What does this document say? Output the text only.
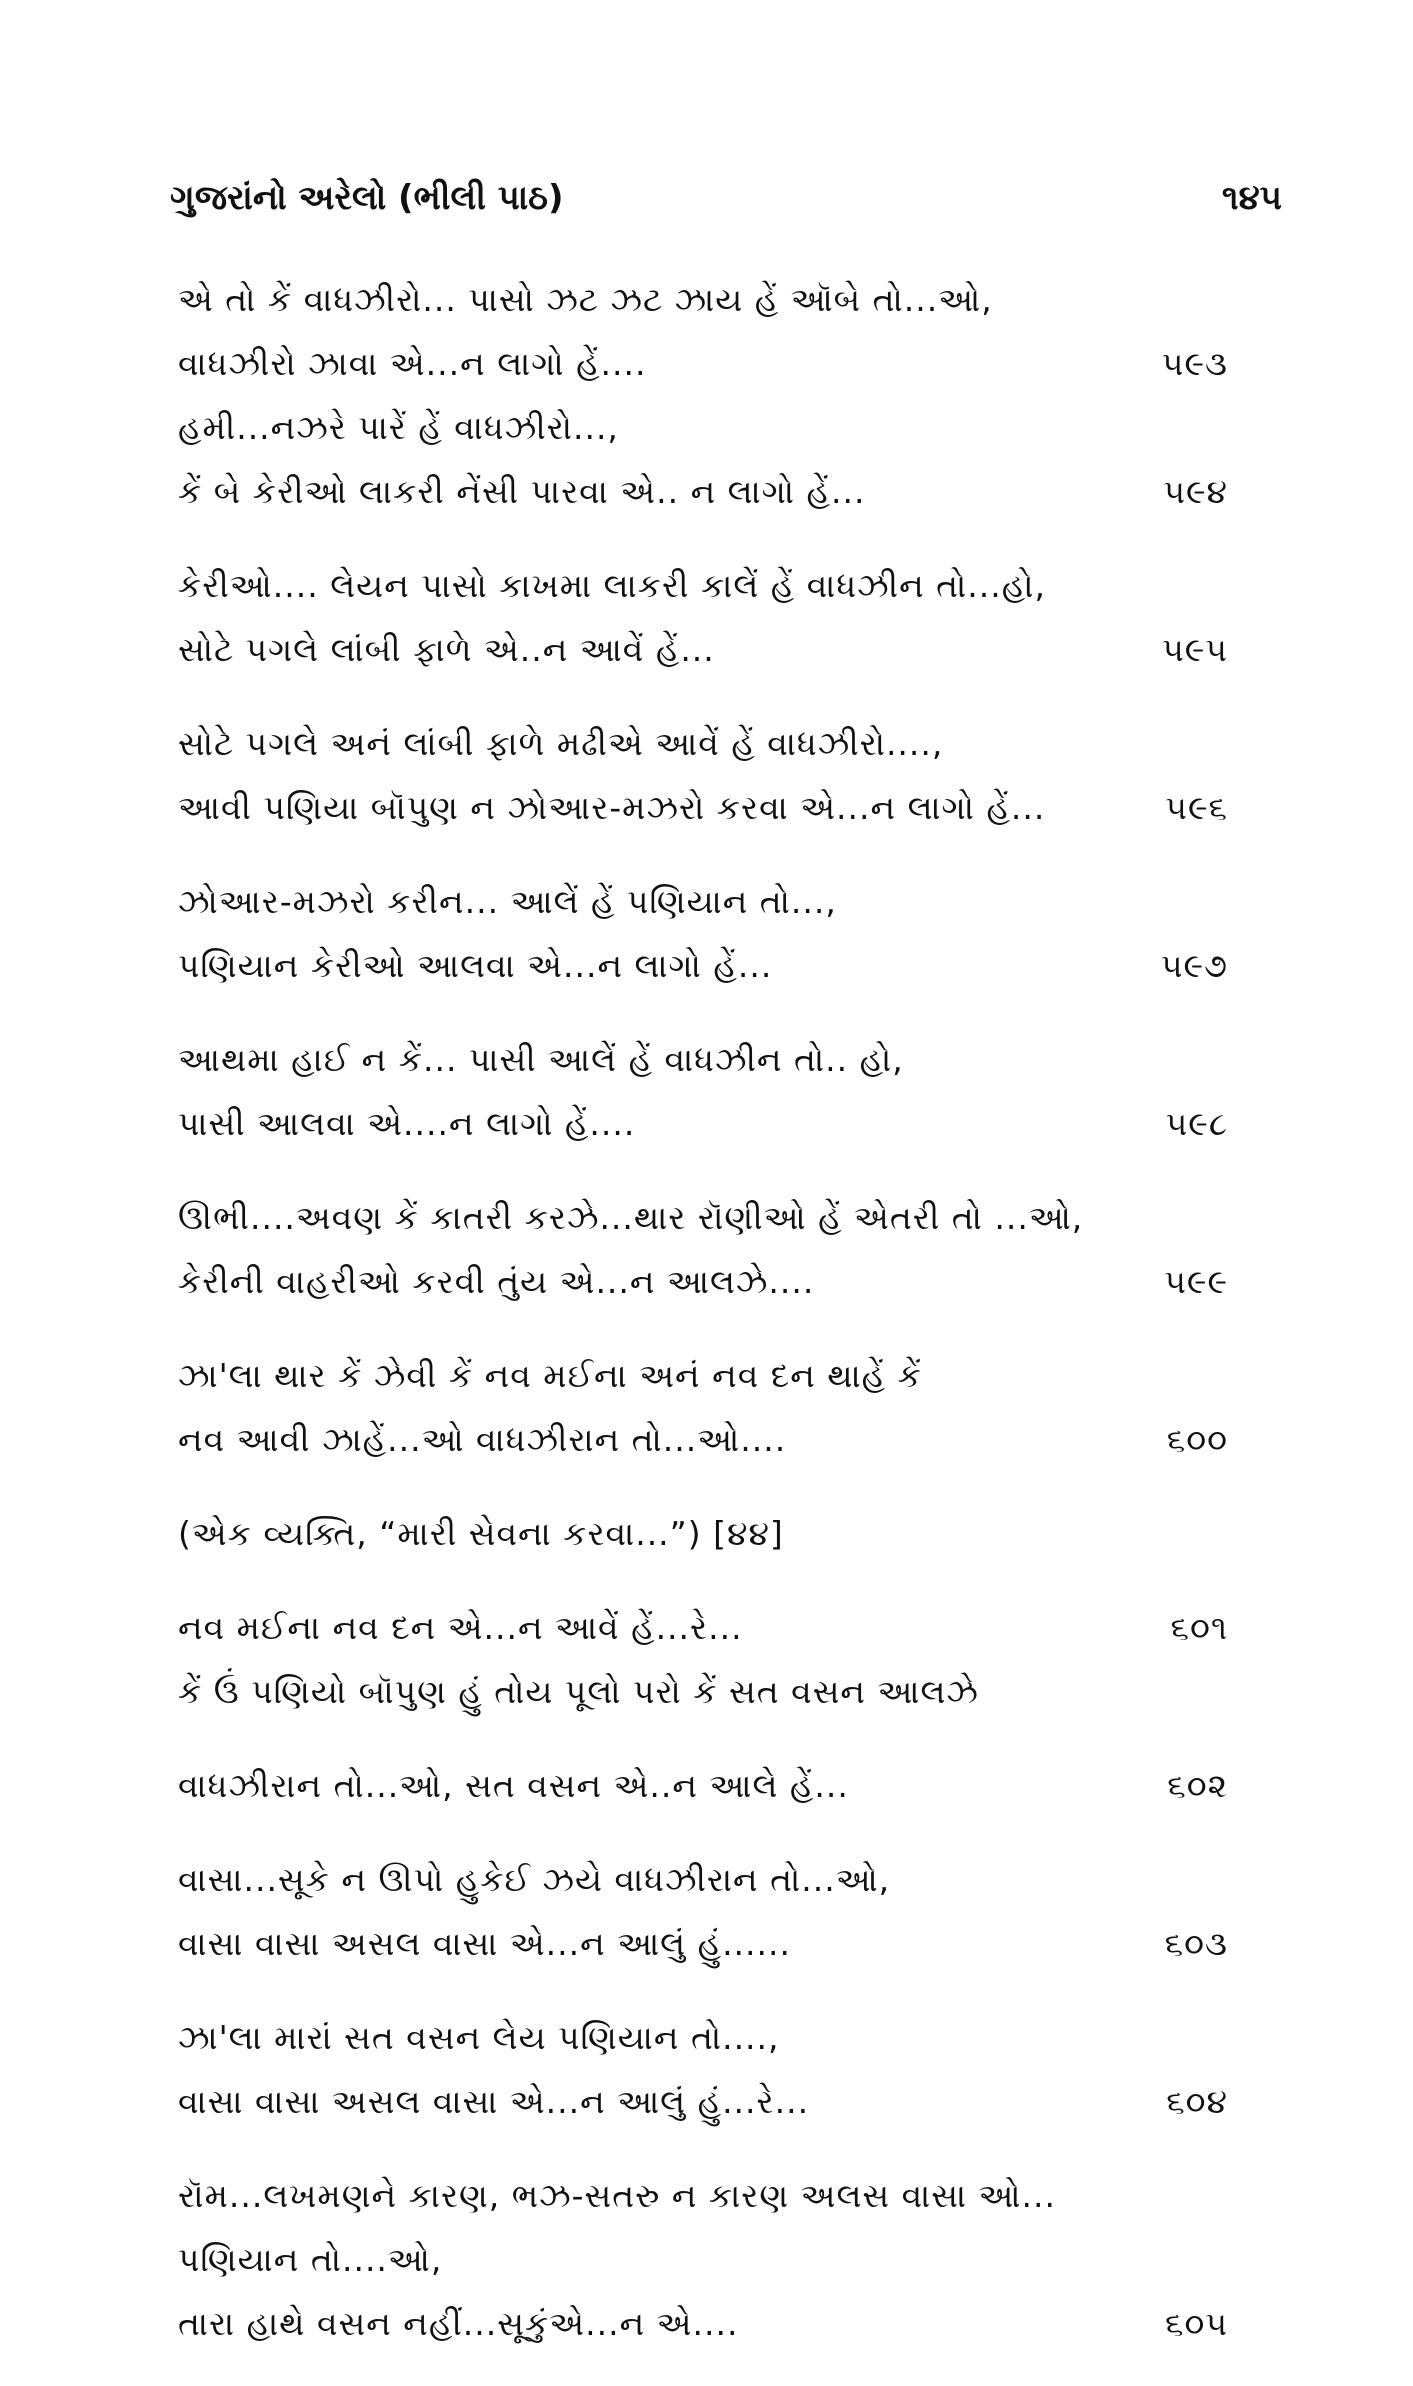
ગુજરાંનો અરેલો (ભીલી પાઠ)	૧૪૫
એ તો કેં વાધઝીરો... પાસો ઝટ ઝટ ઝાય હેં ઑબે તો...ઓ,
વાધઝીરો ઝાવા એ...ન લાગો હેં....	૫૯૩
હમી...નઝરે પારેં હેં વાધઝીરો...,
કેં બે કેરીઓ લાકરી નેંસી પારવા એ.. ન લાગો હેં...	૫૯૪
કેરીઓ.... લેયન પાસો કાખમા લાકરી કાલેં હેં વાધઝીન તો...હો,
સોટે પગલે લાંબી ફાળે એ..ન આવેં હેં...	૫૯૫
સોટે પગલે અનં લાંબી ફાળે મઢીએ આવેં હેં વાધઝીરો....,
આવી પણિયા બૉપુણ ન ઝોઆર-મઝરો કરવા એ...ન લાગો હેં...	૫૯૬
ઝોઆર-મઝરો કરીન... આલેં હેં પણિયાન તો...,
પણિયાન કેરીઓ આલવા એ...ન લાગો હેં...	૫૯૭
આથમા હાઈ ન કેં... પાસી આલેં હેં વાધઝીન તો.. હો,
પાસી આલવા એ....ન લાગો હેં....	૫૯૮
ઊભી....અવણ કેં કાતરી કરઝે...થાર રૉણીઓ હેં એતરી તો ...ઓ,
કેરીની વાહરીઓ કરવી તુંય એ...ન આલઝે....	૫૯૯
ઝા'લા થાર કેં ઝેવી કેં નવ મઈના અનં નવ દન થાહેં કેં
નવ આવી ઝાહેં...ઓ વાધઝીરાન તો...ઓ....	૬૦૦
(એક વ્યક્તિ, “મારી સેવના કરવા...”) [૪૪]
નવ મઈના નવ દન એ...ન આવેં હેં...રે...	૬૦૧
કેં ઉં પણિયો બૉપુણ હું તોય પૂલો પરો કેં સત વસન આલઝે
વાધઝીરાન તો...ઓ, સત વસન એ..ન આલે હેં...	૬૦૨
વાસા...સૂકે ન ઊપો હુકેઈ ઝયે વાધઝીરાન તો...ઓ,
વાસા વાસા અસલ વાસા એ...ન આલું હું......	૬૦૩
ઝા'લા મારાં સત વસન લેય પણિયાન તો....,
વાસા વાસા અસલ વાસા એ...ન આલું હું...રે...	૬૦૪
રૉમ...લખમણને કારણ, ભઝ-સતરુ ન કારણ અલસ વાસા ઓ...
પણિયાન તો....ઓ,
તારા હાથે વસન નહીં...સૂકુંએ...ન એ....	૬૦૫
